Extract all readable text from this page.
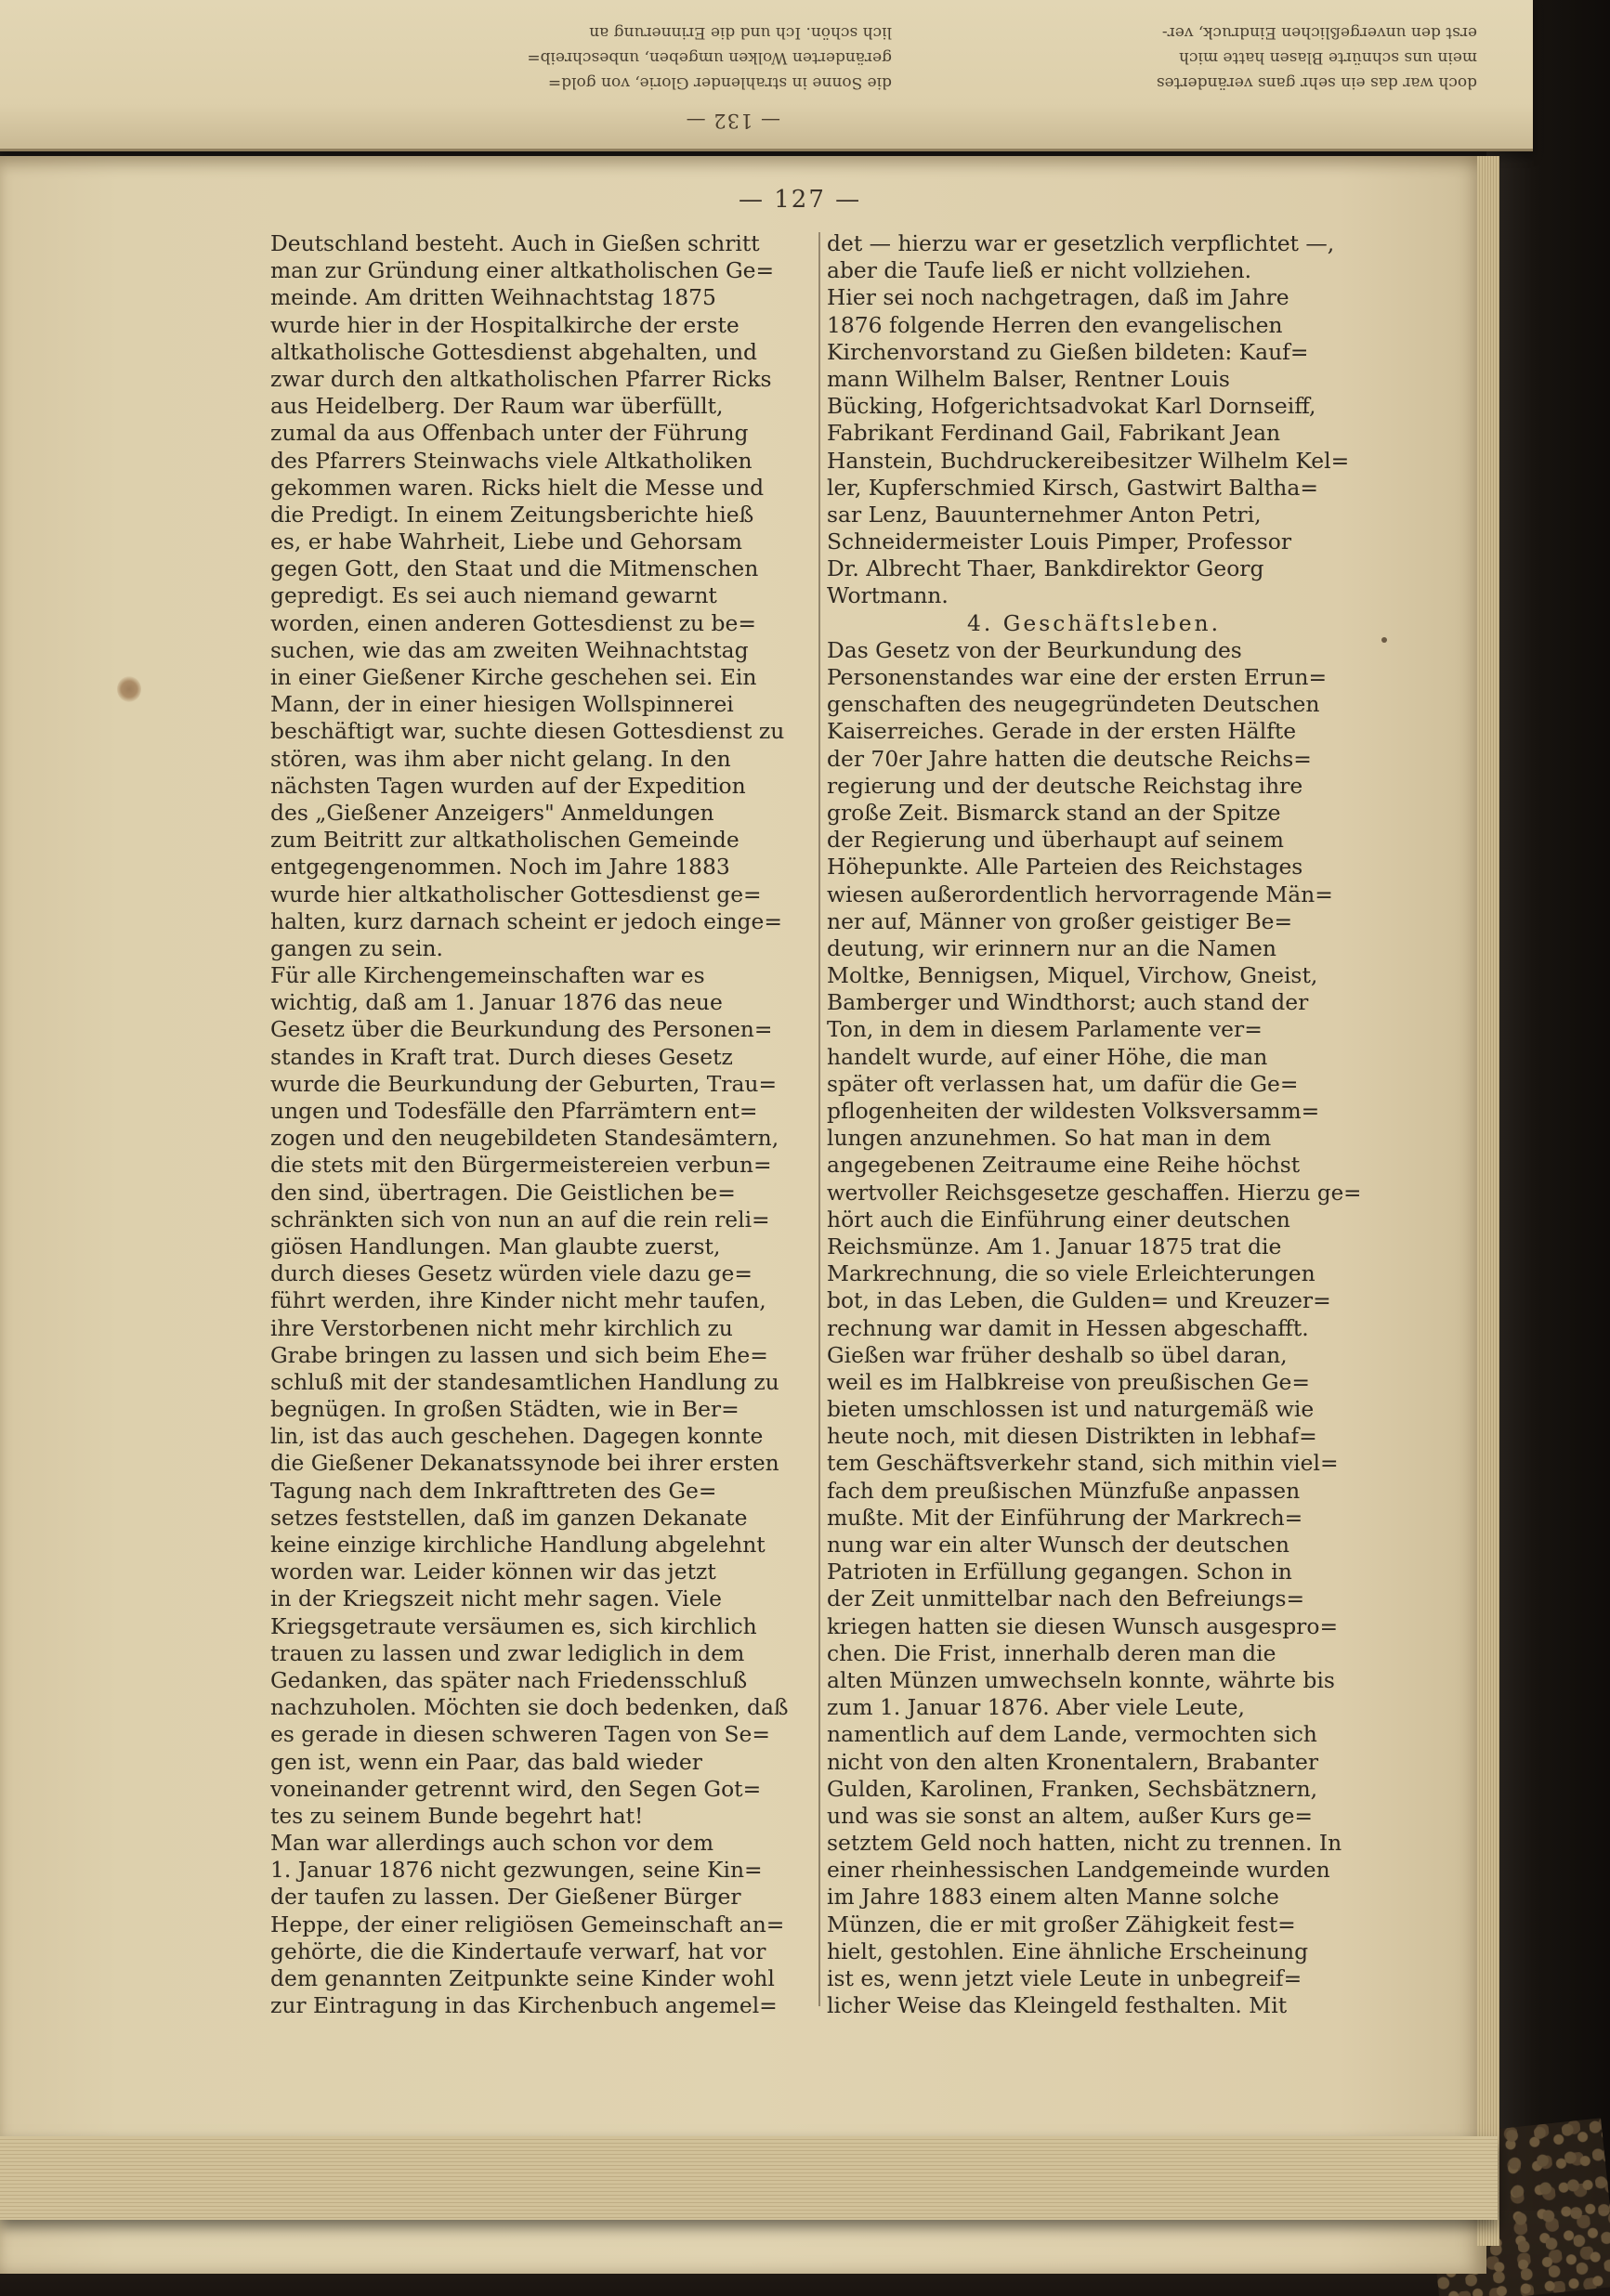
— 132 —
die Sonne in strahlender Glorie, von gold=
geränderten Wolken umgeben, unbeschreib=
lich schön. Ich und die Erinnerung an
doch war das ein sehr gans verändertes
mein uns schnürte Blasen hatte mich
erst den unvergeßlichen Eindruck, ver-
— 127 —
Deutschland besteht. Auch in Gießen schritt
man zur Gründung einer altkatholischen Ge=
meinde. Am dritten Weihnachtstag 1875
wurde hier in der Hospitalkirche der erste
altkatholische Gottesdienst abgehalten, und
zwar durch den altkatholischen Pfarrer Ricks
aus Heidelberg. Der Raum war überfüllt,
zumal da aus Offenbach unter der Führung
des Pfarrers Steinwachs viele Altkatholiken
gekommen waren. Ricks hielt die Messe und
die Predigt. In einem Zeitungsberichte hieß
es, er habe Wahrheit, Liebe und Gehorsam
gegen Gott, den Staat und die Mitmenschen
gepredigt. Es sei auch niemand gewarnt
worden, einen anderen Gottesdienst zu be=
suchen, wie das am zweiten Weihnachtstag
in einer Gießener Kirche geschehen sei. Ein
Mann, der in einer hiesigen Wollspinnerei
beschäftigt war, suchte diesen Gottesdienst zu
stören, was ihm aber nicht gelang. In den
nächsten Tagen wurden auf der Expedition
des „Gießener Anzeigers" Anmeldungen
zum Beitritt zur altkatholischen Gemeinde
entgegengenommen. Noch im Jahre 1883
wurde hier altkatholischer Gottesdienst ge=
halten, kurz darnach scheint er jedoch einge=
gangen zu sein.
Für alle Kirchengemeinschaften war es
wichtig, daß am 1. Januar 1876 das neue
Gesetz über die Beurkundung des Personen=
standes in Kraft trat. Durch dieses Gesetz
wurde die Beurkundung der Geburten, Trau=
ungen und Todesfälle den Pfarrämtern ent=
zogen und den neugebildeten Standesämtern,
die stets mit den Bürgermeistereien verbun=
den sind, übertragen. Die Geistlichen be=
schränkten sich von nun an auf die rein reli=
giösen Handlungen. Man glaubte zuerst,
durch dieses Gesetz würden viele dazu ge=
führt werden, ihre Kinder nicht mehr taufen,
ihre Verstorbenen nicht mehr kirchlich zu
Grabe bringen zu lassen und sich beim Ehe=
schluß mit der standesamtlichen Handlung zu
begnügen. In großen Städten, wie in Ber=
lin, ist das auch geschehen. Dagegen konnte
die Gießener Dekanatssynode bei ihrer ersten
Tagung nach dem Inkrafttreten des Ge=
setzes feststellen, daß im ganzen Dekanate
keine einzige kirchliche Handlung abgelehnt
worden war. Leider können wir das jetzt
in der Kriegszeit nicht mehr sagen. Viele
Kriegsgetraute versäumen es, sich kirchlich
trauen zu lassen und zwar lediglich in dem
Gedanken, das später nach Friedensschluß
nachzuholen. Möchten sie doch bedenken, daß
es gerade in diesen schweren Tagen von Se=
gen ist, wenn ein Paar, das bald wieder
voneinander getrennt wird, den Segen Got=
tes zu seinem Bunde begehrt hat!
Man war allerdings auch schon vor dem
1. Januar 1876 nicht gezwungen, seine Kin=
der taufen zu lassen. Der Gießener Bürger
Heppe, der einer religiösen Gemeinschaft an=
gehörte, die die Kindertaufe verwarf, hat vor
dem genannten Zeitpunkte seine Kinder wohl
zur Eintragung in das Kirchenbuch angemel=
det — hierzu war er gesetzlich verpflichtet —,
aber die Taufe ließ er nicht vollziehen.
Hier sei noch nachgetragen, daß im Jahre
1876 folgende Herren den evangelischen
Kirchenvorstand zu Gießen bildeten: Kauf=
mann Wilhelm Balser, Rentner Louis
Bücking, Hofgerichtsadvokat Karl Dornseiff,
Fabrikant Ferdinand Gail, Fabrikant Jean
Hanstein, Buchdruckereibesitzer Wilhelm Kel=
ler, Kupferschmied Kirsch, Gastwirt Baltha=
sar Lenz, Bauunternehmer Anton Petri,
Schneidermeister Louis Pimper, Professor
Dr. Albrecht Thaer, Bankdirektor Georg
Wortmann.
4. Geschäftsleben.
Das Gesetz von der Beurkundung des
Personenstandes war eine der ersten Errun=
genschaften des neugegründeten Deutschen
Kaiserreiches. Gerade in der ersten Hälfte
der 70er Jahre hatten die deutsche Reichs=
regierung und der deutsche Reichstag ihre
große Zeit. Bismarck stand an der Spitze
der Regierung und überhaupt auf seinem
Höhepunkte. Alle Parteien des Reichstages
wiesen außerordentlich hervorragende Män=
ner auf, Männer von großer geistiger Be=
deutung, wir erinnern nur an die Namen
Moltke, Bennigsen, Miquel, Virchow, Gneist,
Bamberger und Windthorst; auch stand der
Ton, in dem in diesem Parlamente ver=
handelt wurde, auf einer Höhe, die man
später oft verlassen hat, um dafür die Ge=
pflogenheiten der wildesten Volksversamm=
lungen anzunehmen. So hat man in dem
angegebenen Zeitraume eine Reihe höchst
wertvoller Reichsgesetze geschaffen. Hierzu ge=
hört auch die Einführung einer deutschen
Reichsmünze. Am 1. Januar 1875 trat die
Markrechnung, die so viele Erleichterungen
bot, in das Leben, die Gulden= und Kreuzer=
rechnung war damit in Hessen abgeschafft.
Gießen war früher deshalb so übel daran,
weil es im Halbkreise von preußischen Ge=
bieten umschlossen ist und naturgemäß wie
heute noch, mit diesen Distrikten in lebhaf=
tem Geschäftsverkehr stand, sich mithin viel=
fach dem preußischen Münzfuße anpassen
mußte. Mit der Einführung der Markrech=
nung war ein alter Wunsch der deutschen
Patrioten in Erfüllung gegangen. Schon in
der Zeit unmittelbar nach den Befreiungs=
kriegen hatten sie diesen Wunsch ausgespro=
chen. Die Frist, innerhalb deren man die
alten Münzen umwechseln konnte, währte bis
zum 1. Januar 1876. Aber viele Leute,
namentlich auf dem Lande, vermochten sich
nicht von den alten Kronentalern, Brabanter
Gulden, Karolinen, Franken, Sechsbätznern,
und was sie sonst an altem, außer Kurs ge=
setztem Geld noch hatten, nicht zu trennen. In
einer rheinhessischen Landgemeinde wurden
im Jahre 1883 einem alten Manne solche
Münzen, die er mit großer Zähigkeit fest=
hielt, gestohlen. Eine ähnliche Erscheinung
ist es, wenn jetzt viele Leute in unbegreif=
licher Weise das Kleingeld festhalten. Mit
